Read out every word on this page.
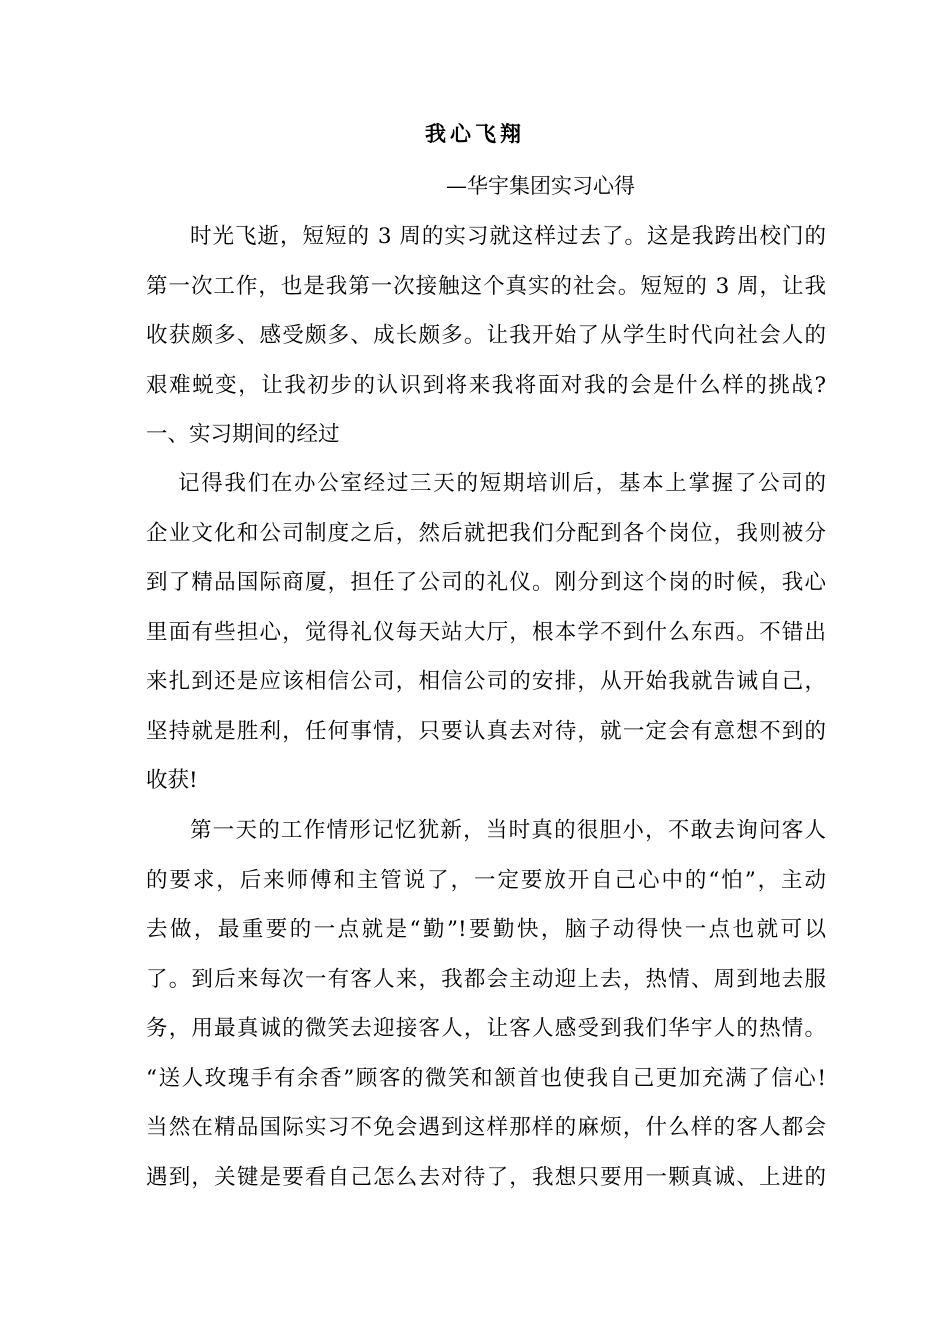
我心飞翔
—华宇集团实习心得
时光飞逝，短短的 3 周的实习就这样过去了。这是我跨出校门的
第一次工作，也是我第一次接触这个真实的社会。短短的 3 周，让我
收获颇多、感受颇多、成长颇多。让我开始了从学生时代向社会人的
艰难蜕变，让我初步的认识到将来我将面对我的会是什么样的挑战?
一、实习期间的经过
记得我们在办公室经过三天的短期培训后，基本上掌握了公司的
企业文化和公司制度之后，然后就把我们分配到各个岗位，我则被分
到了精品国际商厦，担任了公司的礼仪。刚分到这个岗的时候，我心
里面有些担心，觉得礼仪每天站大厅，根本学不到什么东西。不错出
来扎到还是应该相信公司，相信公司的安排，从开始我就告诫自己，
坚持就是胜利，任何事情，只要认真去对待，就一定会有意想不到的
收获!
第一天的工作情形记忆犹新，当时真的很胆小，不敢去询问客人
的要求，后来师傅和主管说了，一定要放开自己心中的“怕”，主动
去做，最重要的一点就是“勤”!要勤快，脑子动得快一点也就可以
了。到后来每次一有客人来，我都会主动迎上去，热情、周到地去服
务，用最真诚的微笑去迎接客人，让客人感受到我们华宇人的热情。
“送人玫瑰手有余香”顾客的微笑和颔首也使我自己更加充满了信心!
当然在精品国际实习不免会遇到这样那样的麻烦，什么样的客人都会
遇到，关键是要看自己怎么去对待了，我想只要用一颗真诚、上进的
